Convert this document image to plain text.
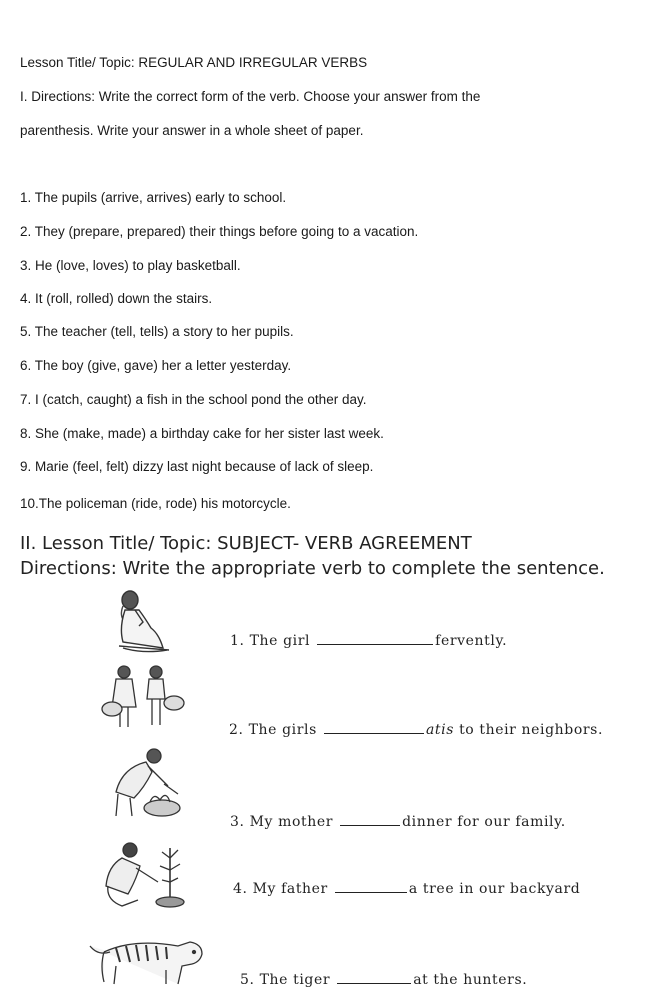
Lesson Title/ Topic: REGULAR AND IRREGULAR VERBS
I. Directions: Write the correct form of the verb. Choose your answer from the
parenthesis. Write your answer in a whole sheet of paper.
1. The pupils (arrive, arrives) early to school.
2. They (prepare, prepared) their things before going to a vacation.
3. He (love, loves) to play basketball.
4. It (roll, rolled) down the stairs.
5. The teacher (tell, tells) a story to her pupils.
6. The boy (give, gave) her a letter yesterday.
7. I (catch, caught) a fish in the school pond the other day.
8. She (make, made) a birthday cake for her sister last week.
9. Marie (feel, felt) dizzy last night because of lack of sleep.
10.The policeman (ride, rode) his motorcycle.
II. Lesson Title/ Topic: SUBJECT- VERB AGREEMENT
Directions: Write the appropriate verb to complete the sentence.
1. The girl	fervently.
2. The girls	atis to their neighbors.
3. My mother	dinner for our family.
4. My father	a tree in our backyard
5. The tiger	at the hunters.
